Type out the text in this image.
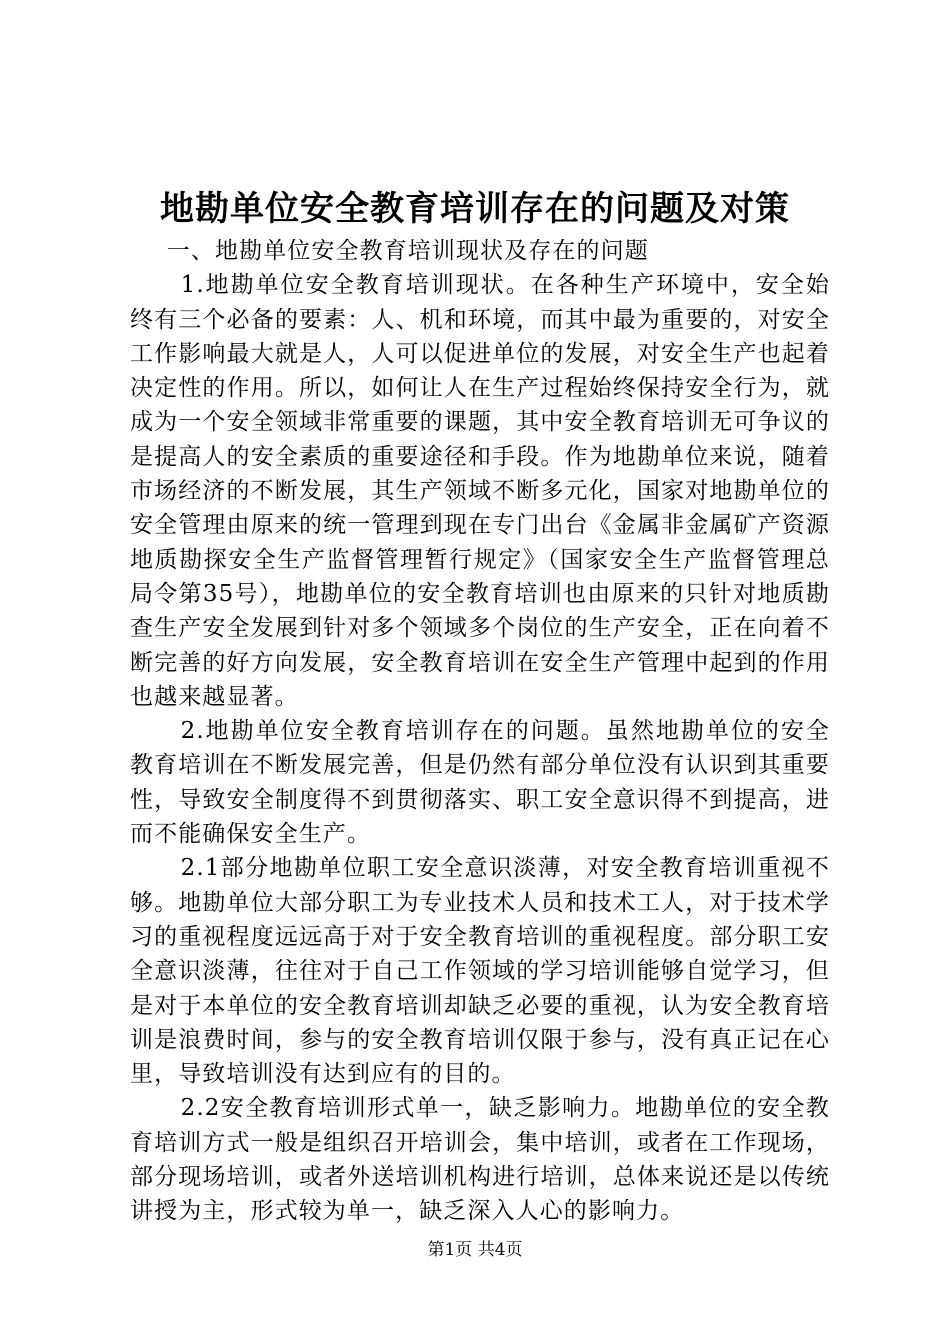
地勘单位安全教育培训存在的问题及对策

一、地勘单位安全教育培训现状及存在的问题

1.地勘单位安全教育培训现状。在各种生产环境中，安全始终有三个必备的要素：人、机和环境，而其中最为重要的，对安全工作影响最大就是人，人可以促进单位的发展，对安全生产也起着决定性的作用。所以，如何让人在生产过程始终保持安全行为，就成为一个安全领域非常重要的课题，其中安全教育培训无可争议的是提高人的安全素质的重要途径和手段。作为地勘单位来说，随着市场经济的不断发展，其生产领域不断多元化，国家对地勘单位的安全管理由原来的统一管理到现在专门出台《金属非金属矿产资源地质勘探安全生产监督管理暂行规定》（国家安全生产监督管理总局令第35号），地勘单位的安全教育培训也由原来的只针对地质勘查生产安全发展到针对多个领域多个岗位的生产安全，正在向着不断完善的好方向发展，安全教育培训在安全生产管理中起到的作用也越来越显著。

2.地勘单位安全教育培训存在的问题。虽然地勘单位的安全教育培训在不断发展完善，但是仍然有部分单位没有认识到其重要性，导致安全制度得不到贯彻落实、职工安全意识得不到提高，进而不能确保安全生产。

2.1部分地勘单位职工安全意识淡薄，对安全教育培训重视不够。地勘单位大部分职工为专业技术人员和技术工人，对于技术学习的重视程度远远高于对于安全教育培训的重视程度。部分职工安全意识淡薄，往往对于自己工作领域的学习培训能够自觉学习，但是对于本单位的安全教育培训却缺乏必要的重视，认为安全教育培训是浪费时间，参与的安全教育培训仅限于参与，没有真正记在心里，导致培训没有达到应有的目的。

2.2安全教育培训形式单一，缺乏影响力。地勘单位的安全教育培训方式一般是组织召开培训会，集中培训，或者在工作现场，部分现场培训，或者外送培训机构进行培训，总体来说还是以传统讲授为主，形式较为单一，缺乏深入人心的影响力。

第1页 共4页
